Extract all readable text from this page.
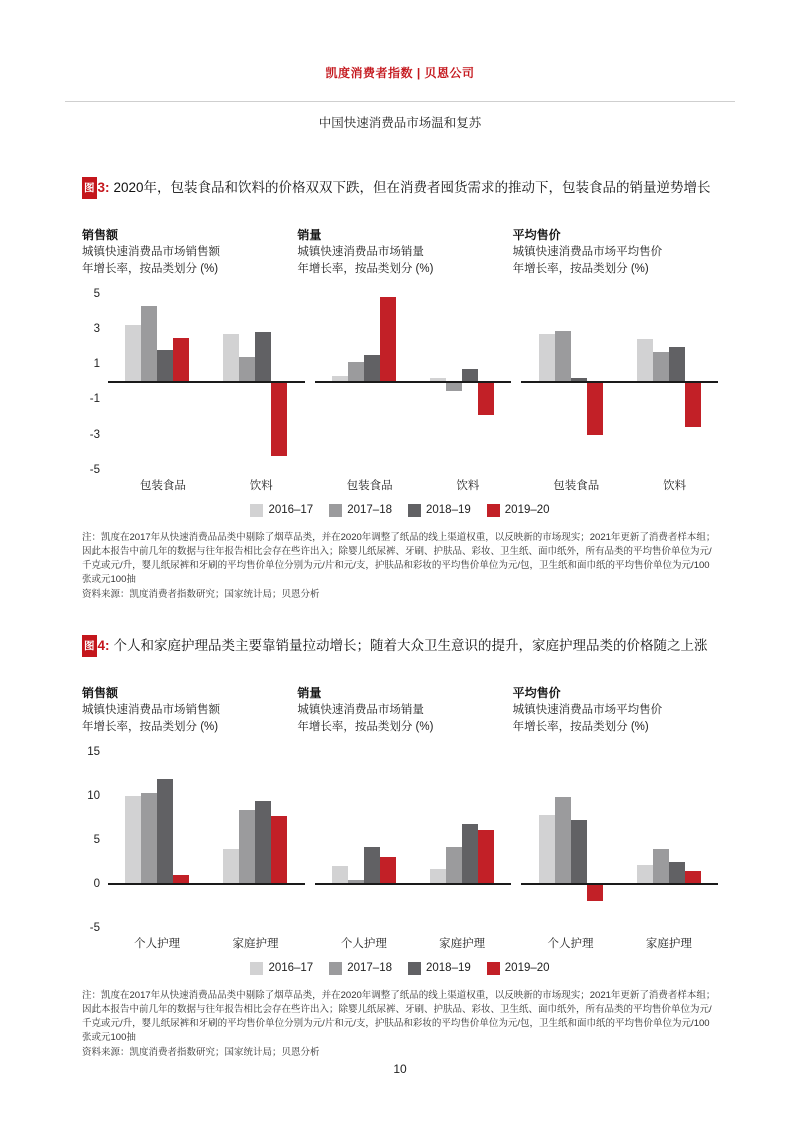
凯度消费者指数 | 贝恩公司
中国快速消费品市场温和复苏
图 3: 2020年，包装食品和饮料的价格双双下跌，但在消费者囤货需求的推动下，包装食品的销量逆势增长
销售额
城镇快速消费品市场销售额
年增长率，按品类划分 (%)
销量
城镇快速消费品市场销量
年增长率，按品类划分 (%)
平均售价
城镇快速消费品市场平均售价
年增长率，按品类划分 (%)
5
3
1
-1
-3
-5
包装食品	饮料	包装食品	饮料	包装食品	饮料
2016–17	2017–18	2018–19	2019–20
注：凯度在2017年从快速消费品品类中剔除了烟草品类，并在2020年调整了纸品的线上渠道权重，以反映新的市场现实；2021年更新了消费者样本组；因此本报告中前几年的数据与往年报告相比会存在些许出入；除婴儿纸尿裤、牙刷、护肤品、彩妆、卫生纸、面巾纸外，所有品类的平均售价单位为元/千克或元/升，婴儿纸尿裤和牙刷的平均售价单位分别为元/片和元/支，护肤品和彩妆的平均售价单位为元/包，卫生纸和面巾纸的平均售价单位为元/100张或元100抽
资料来源：凯度消费者指数研究；国家统计局；贝恩分析
图 4: 个人和家庭护理品类主要靠销量拉动增长；随着大众卫生意识的提升，家庭护理品类的价格随之上涨
销售额
城镇快速消费品市场销售额
年增长率，按品类划分 (%)
销量
城镇快速消费品市场销量
年增长率，按品类划分 (%)
平均售价
城镇快速消费品市场平均售价
年增长率，按品类划分 (%)
15
10
5
0
-5
个人护理	家庭护理	个人护理	家庭护理	个人护理	家庭护理
2016–17	2017–18	2018–19	2019–20
注：凯度在2017年从快速消费品品类中剔除了烟草品类，并在2020年调整了纸品的线上渠道权重，以反映新的市场现实；2021年更新了消费者样本组；因此本报告中前几年的数据与往年报告相比会存在些许出入；除婴儿纸尿裤、牙刷、护肤品、彩妆、卫生纸、面巾纸外，所有品类的平均售价单位为元/千克或元/升，婴儿纸尿裤和牙刷的平均售价单位分别为元/片和元/支，护肤品和彩妆的平均售价单位为元/包，卫生纸和面巾纸的平均售价单位为元/100张或元100抽
资料来源：凯度消费者指数研究；国家统计局；贝恩分析
10
